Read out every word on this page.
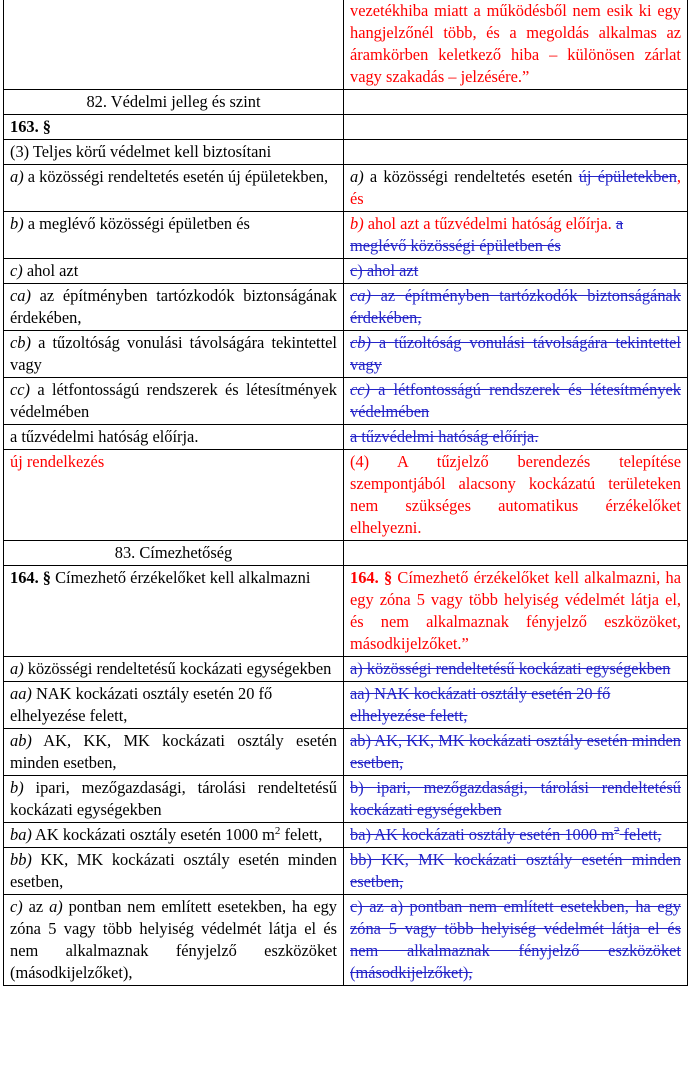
	vezetékhiba miatt a működésből nem esik ki egy hangjelzőnél több, és a megoldás alkalmas az áramkörben keletkező hiba – különösen zárlat vagy szakadás – jelzésére.”
82. Védelmi jelleg és szint	
163. §	
(3) Teljes körű védelmet kell biztosítani	
a) a közösségi rendeltetés esetén új épületekben,	a) a közösségi rendeltetés esetén új épületekben, és
b) a meglévő közösségi épületben és	b) ahol azt a tűzvédelmi hatóság előírja. a meglévő közösségi épületben és
c) ahol azt	c) ahol azt
ca) az építményben tartózkodók biztonságának érdekében,	ca) az építményben tartózkodók biztonságának érdekében,
cb) a tűzoltóság vonulási távolságára tekintettel vagy	cb) a tűzoltóság vonulási távolságára tekintettel vagy
cc) a létfontosságú rendszerek és létesítmények védelmében	cc) a létfontosságú rendszerek és létesítmények védelmében
a tűzvédelmi hatóság előírja.	a tűzvédelmi hatóság előírja.
új rendelkezés	(4) A tűzjelző berendezés telepítése szempontjából alacsony kockázatú területeken nem szükséges automatikus érzékelőket elhelyezni.
83. Címezhetőség	
164. § Címezhető érzékelőket kell alkalmazni	164. § Címezhető érzékelőket kell alkalmazni, ha egy zóna 5 vagy több helyiség védelmét látja el, és nem alkalmaznak fényjelző eszközöket, másodkijelzőket.”
a) közösségi rendeltetésű kockázati egységekben	a) közösségi rendeltetésű kockázati egységekben
aa) NAK kockázati osztály esetén 20 fő elhelyezése felett,	aa) NAK kockázati osztály esetén 20 fő elhelyezése felett,
ab) AK, KK, MK kockázati osztály esetén minden esetben,	ab) AK, KK, MK kockázati osztály esetén minden esetben,
b) ipari, mezőgazdasági, tárolási rendeltetésű kockázati egységekben	b) ipari, mezőgazdasági, tárolási rendeltetésű kockázati egységekben
ba) AK kockázati osztály esetén 1000 $m^2$ felett,	ba) AK kockázati osztály esetén 1000 $m^2$ felett,
bb) KK, MK kockázati osztály esetén minden esetben,	bb) KK, MK kockázati osztály esetén minden esetben,
c) az a) pontban nem említett esetekben, ha egy zóna 5 vagy több helyiség védelmét látja el és nem alkalmaznak fényjelző eszközöket (másodkijelzőket),	c) az a) pontban nem említett esetekben, ha egy zóna 5 vagy több helyiség védelmét látja el és nem alkalmaznak fényjelző eszközöket (másodkijelzőket),
